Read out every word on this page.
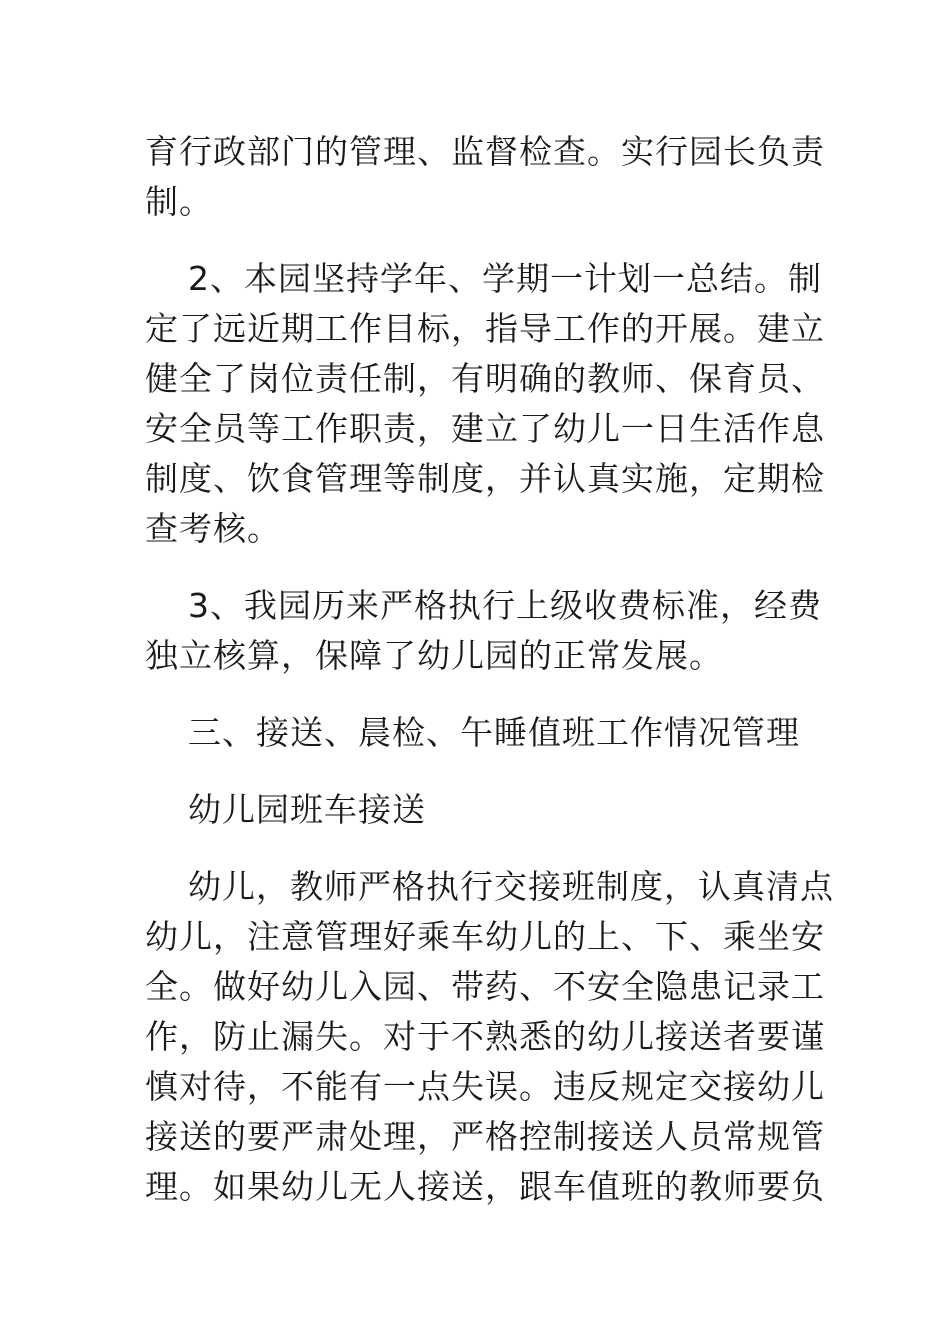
育行政部门的管理、监督检查。实行园长负责
制。
2、本园坚持学年、学期一计划一总结。制
定了远近期工作目标，指导工作的开展。建立
健全了岗位责任制，有明确的教师、保育员、
安全员等工作职责，建立了幼儿一日生活作息
制度、饮食管理等制度，并认真实施，定期检
查考核。
3、我园历来严格执行上级收费标准，经费
独立核算，保障了幼儿园的正常发展。
三、接送、晨检、午睡值班工作情况管理
幼儿园班车接送
幼儿，教师严格执行交接班制度，认真清点
幼儿，注意管理好乘车幼儿的上、下、乘坐安
全。做好幼儿入园、带药、不安全隐患记录工
作，防止漏失。对于不熟悉的幼儿接送者要谨
慎对待，不能有一点失误。违反规定交接幼儿
接送的要严肃处理，严格控制接送人员常规管
理。如果幼儿无人接送，跟车值班的教师要负
